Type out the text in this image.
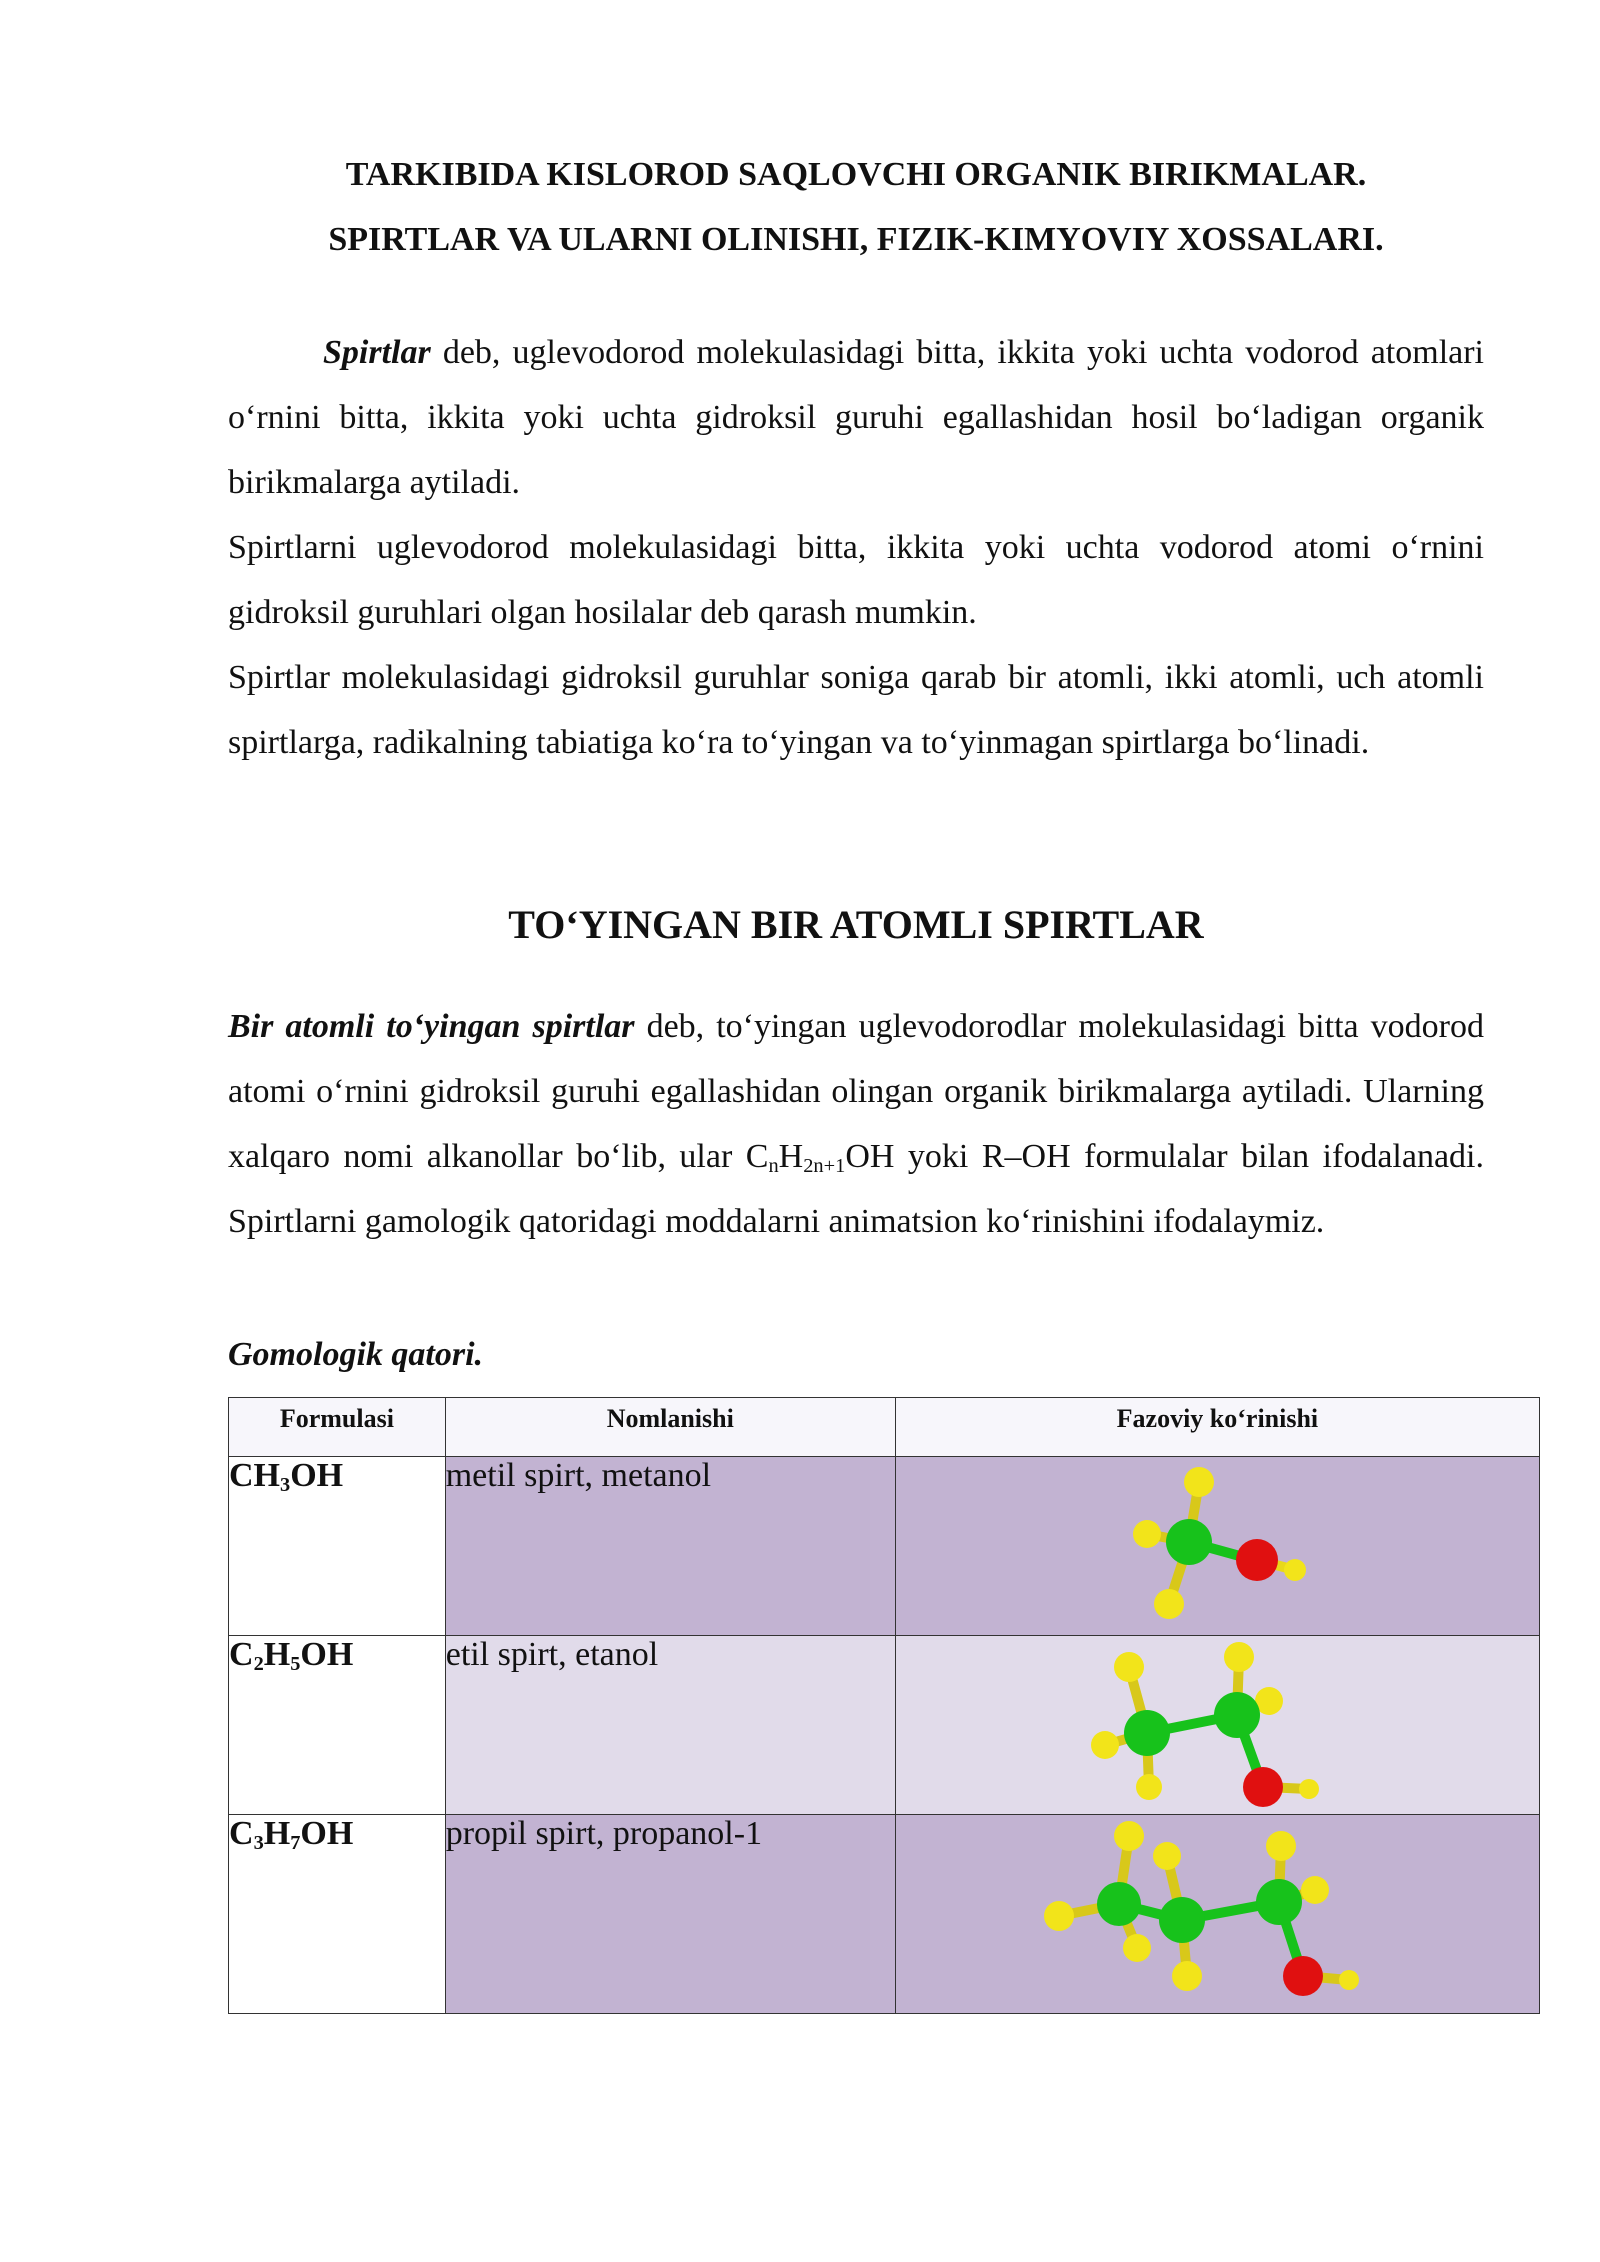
TARKIBIDA KISLOROD SAQLOVCHI ORGANIK BIRIKMALAR.
SPIRTLAR VA ULARNI OLINISHI, FIZIK-KIMYOVIY XOSSALARI.
Spirtlar deb, uglevodorod molekulasidagi bitta, ikkita yoki uchta vodorod atomlari o‘rnini bitta, ikkita yoki uchta gidroksil guruhi egallashidan hosil bo‘ladigan organik birikmalarga aytiladi.
Spirtlarni uglevodorod molekulasidagi bitta, ikkita yoki uchta vodorod atomi o‘rnini gidroksil guruhlari olgan hosilalar deb qarash mumkin.
Spirtlar molekulasidagi gidroksil guruhlar soniga qarab bir atomli, ikki atomli, uch atomli spirtlarga, radikalning tabiatiga ko‘ra to‘yingan va to‘yinmagan spirtlarga bo‘linadi.
TO‘YINGAN BIR ATOMLI SPIRTLAR
Bir atomli to‘yingan spirtlar deb, to‘yingan uglevodorodlar molekulasidagi bitta vodorod atomi o‘rnini gidroksil guruhi egallashidan olingan organik birikmalarga aytiladi. Ularning xalqaro nomi alkanollar bo‘lib, ular $C_nH_{2n+1}OH$ yoki R–OH formulalar bilan ifodalanadi. Spirtlarni gamologik qatoridagi moddalarni animatsion ko‘rinishini ifodalaymiz.
Gomologik qatori.
Formulasi	Nomlanishi	Fazoviy ko‘rinishi
$CH_3OH$	metil spirt, metanol	

$C_2H_5OH$	etil spirt, etanol	

$C_3H_7OH$	propil spirt, propanol-1	
